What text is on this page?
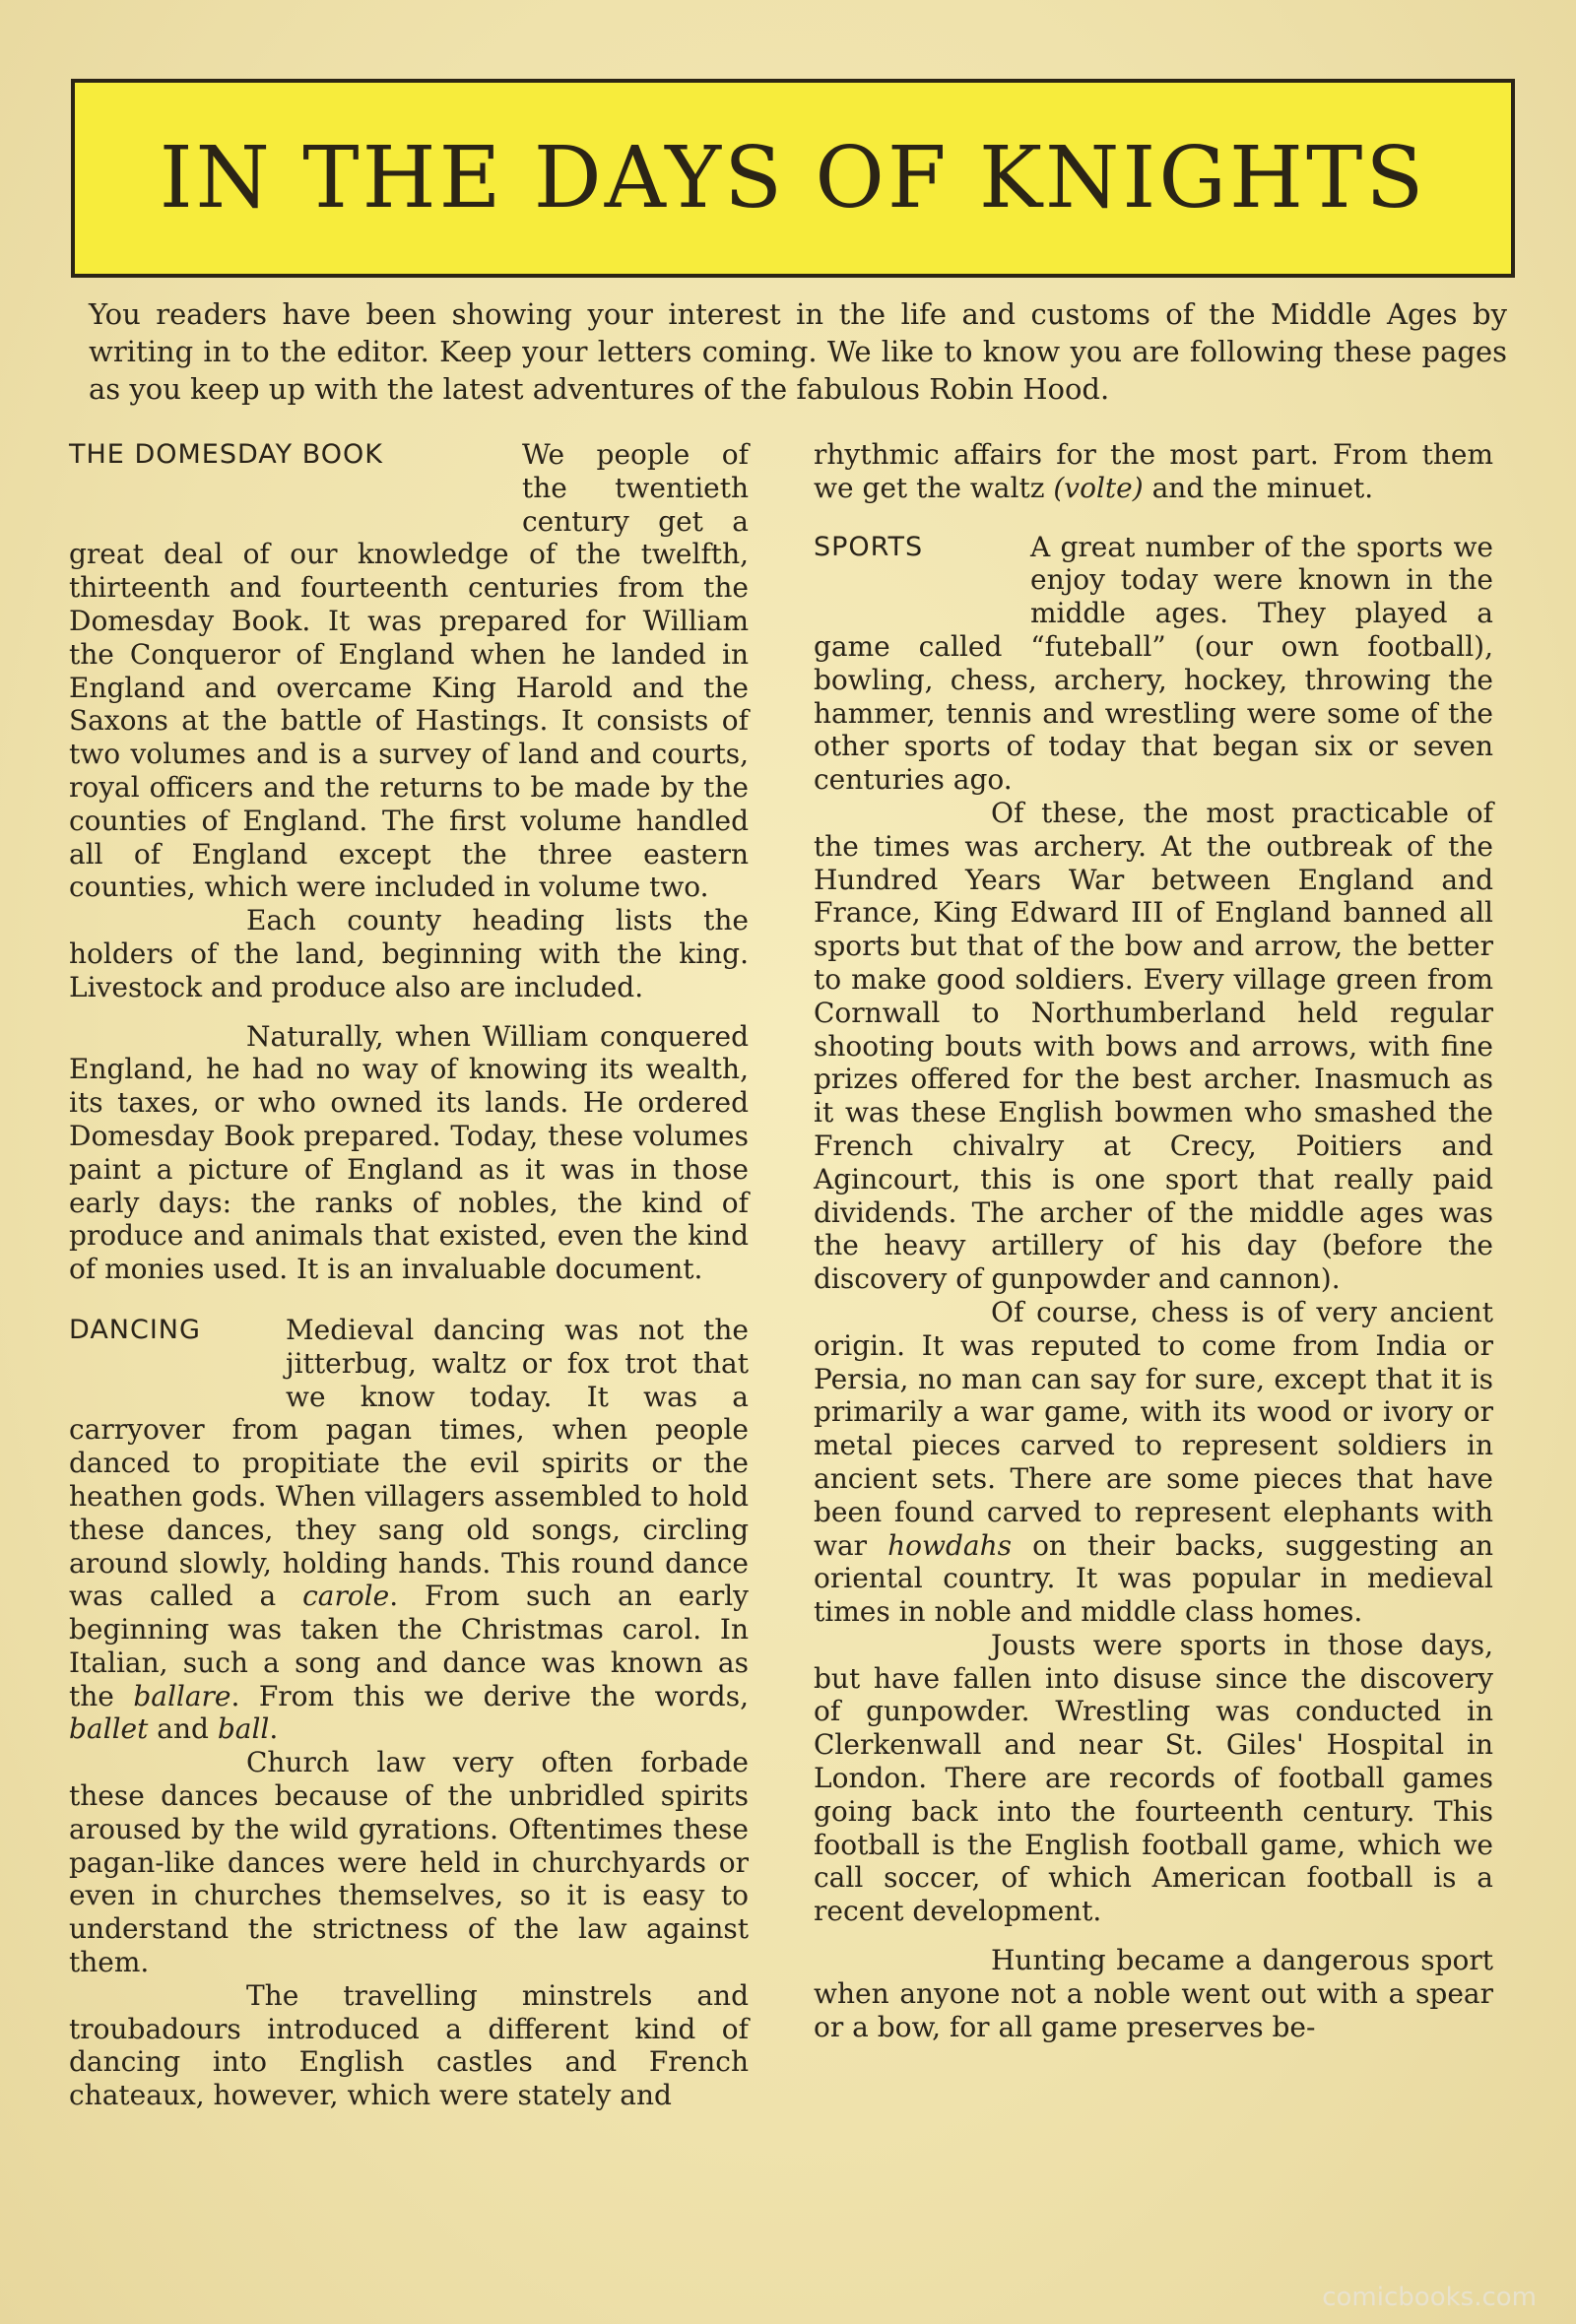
IN THE DAYS OF KNIGHTS

You readers have been showing your interest in the life and customs of the Middle Ages by writing in to the editor. Keep your letters coming. We like to know you are following these pages as you keep up with the latest adventures of the fabulous Robin Hood.

THE DOMESDAY BOOK	We people of the twentieth century get a great deal of our knowledge of the twelfth, thirteenth and fourteenth centuries from the Domesday Book. It was prepared for William the Conqueror of England when he landed in England and overcame King Harold and the Saxons at the battle of Hastings. It consists of two volumes and is a survey of land and courts, royal officers and the returns to be made by the counties of England. The first volume handled all of England except the three eastern counties, which were included in volume two.

Each county heading lists the holders of the land, beginning with the king. Livestock and produce also are included.

Naturally, when William conquered England, he had no way of knowing its wealth, its taxes, or who owned its lands. He ordered Domesday Book prepared. Today, these volumes paint a picture of England as it was in those early days: the ranks of nobles, the kind of produce and animals that existed, even the kind of monies used. It is an invaluable document.

DANCING	Medieval dancing was not the jitterbug, waltz or fox trot that we know today. It was a carryover from pagan times, when people danced to propitiate the evil spirits or the heathen gods. When villagers assembled to hold these dances, they sang old songs, circling around slowly, holding hands. This round dance was called a carole. From such an early beginning was taken the Christmas carol. In Italian, such a song and dance was known as the ballare. From this we derive the words, ballet and ball.

Church law very often forbade these dances because of the unbridled spirits aroused by the wild gyrations. Oftentimes these pagan-like dances were held in churchyards or even in churches themselves, so it is easy to understand the strictness of the law against them.

The travelling minstrels and troubadours introduced a different kind of dancing into English castles and French chateaux, however, which were stately and

rhythmic affairs for the most part. From them we get the waltz (volte) and the minuet.

SPORTS	A great number of the sports we enjoy today were known in the middle ages. They played a game called “futeball” (our own football), bowling, chess, archery, hockey, throwing the hammer, tennis and wrestling were some of the other sports of today that began six or seven centuries ago.

Of these, the most practicable of the times was archery. At the outbreak of the Hundred Years War between England and France, King Edward III of England banned all sports but that of the bow and arrow, the better to make good soldiers. Every village green from Cornwall to Northumberland held regular shooting bouts with bows and arrows, with fine prizes offered for the best archer. Inasmuch as it was these English bowmen who smashed the French chivalry at Crecy, Poitiers and Agincourt, this is one sport that really paid dividends. The archer of the middle ages was the heavy artillery of his day (before the discovery of gunpowder and cannon).

Of course, chess is of very ancient origin. It was reputed to come from India or Persia, no man can say for sure, except that it is primarily a war game, with its wood or ivory or metal pieces carved to represent soldiers in ancient sets. There are some pieces that have been found carved to represent elephants with war howdahs on their backs, suggesting an oriental country. It was popular in medieval times in noble and middle class homes.

Jousts were sports in those days, but have fallen into disuse since the discovery of gunpowder. Wrestling was conducted in Clerkenwall and near St. Giles' Hospital in London. There are records of football games going back into the fourteenth century. This football is the English football game, which we call soccer, of which American football is a recent development.

Hunting became a dangerous sport when anyone not a noble went out with a spear or a bow, for all game preserves be-

comicbooks.com
